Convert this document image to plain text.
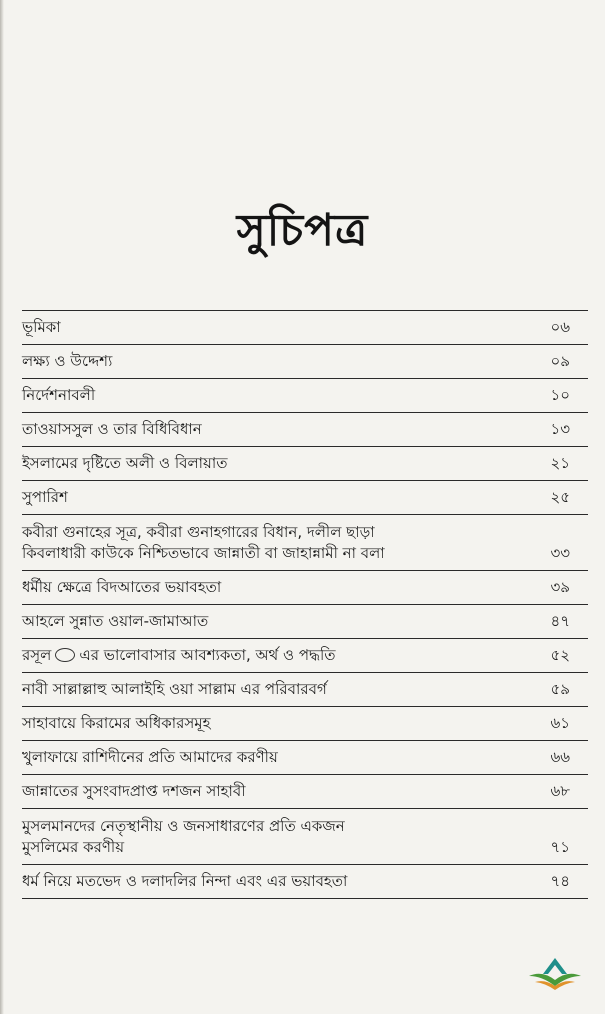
সুচিপত্র
ভূমিকা	০৬
লক্ষ্য ও উদ্দেশ্য	০৯
নির্দেশনাবলী	১০
তাওয়াসসুল ও তার বিধিবিধান	১৩
ইসলামের দৃষ্টিতে অলী ও বিলায়াত	২১
সুপারিশ	২৫
কবীরা গুনাহের সূত্র, কবীরা গুনাহগারের বিধান, দলীল ছাড়া
কিবলাধারী কাউকে নিশ্চিতভাবে জান্নাতী বা জাহান্নামী না বলা	৩৩
ধর্মীয় ক্ষেত্রে বিদআতের ভয়াবহতা	৩৯
আহলে সুন্নাত ওয়াল-জামাআত	৪৭
রসূল এর ভালোবাসার আবশ্যকতা, অর্থ ও পদ্ধতি	৫২
নাবী সাল্লাল্লাহু আলাইহি ওয়া সাল্লাম এর পরিবারবর্গ	৫৯
সাহাবায়ে কিরামের অধিকারসমূহ	৬১
খুলাফায়ে রাশিদীনের প্রতি আমাদের করণীয়	৬৬
জান্নাতের সুসংবাদপ্রাপ্ত দশজন সাহাবী	৬৮
মুসলমানদের নেতৃস্থানীয় ও জনসাধারণের প্রতি একজন
মুসলিমের করণীয়	৭১
ধর্ম নিয়ে মতভেদ ও দলাদলির নিন্দা এবং এর ভয়াবহতা	৭৪
